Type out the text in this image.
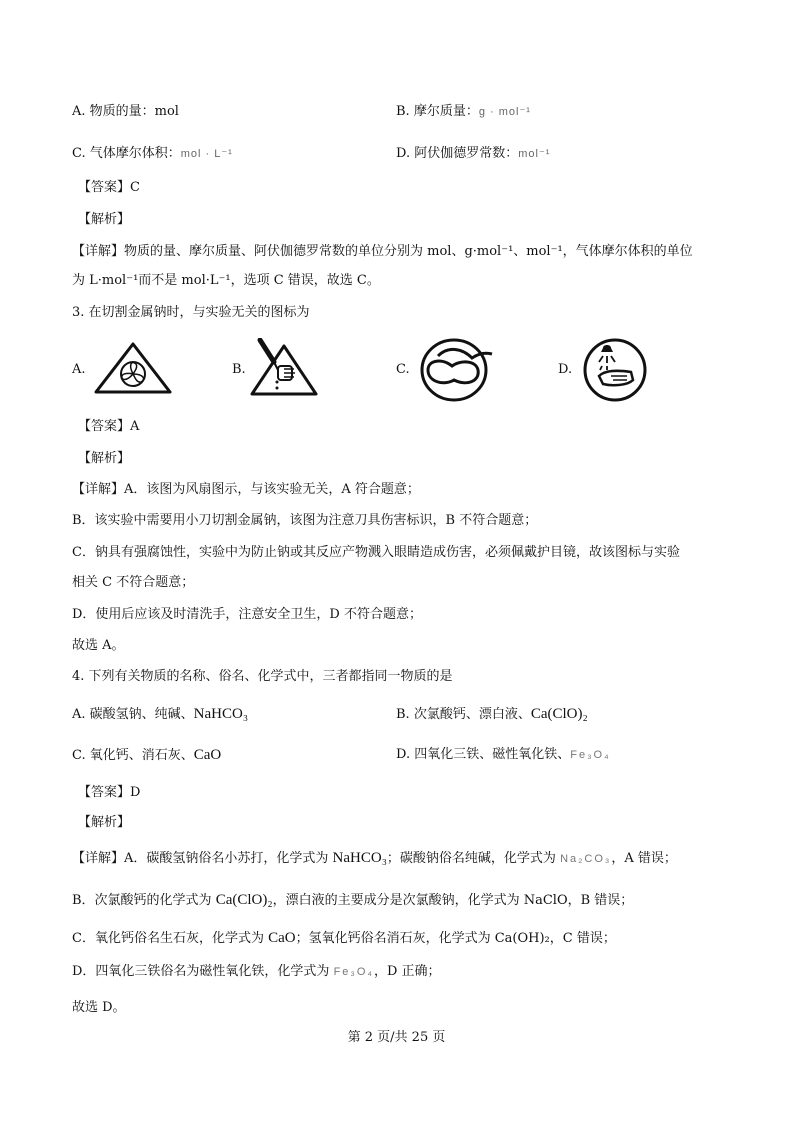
A. 物质的量：mol	B. 摩尔质量：g · mol⁻¹
C. 气体摩尔体积：mol · L⁻¹	D. 阿伏伽德罗常数：mol⁻¹
【答案】C
【解析】
【详解】物质的量、摩尔质量、阿伏伽德罗常数的单位分别为 mol、g·mol⁻¹、mol⁻¹，气体摩尔体积的单位
为 L·mol⁻¹而不是 mol·L⁻¹，选项 C 错误，故选 C。
3. 在切割金属钠时，与实验无关的图标为
A.	B.	C.	D.
【答案】A
【解析】
【详解】A．该图为风扇图示，与该实验无关，A 符合题意；
B．该实验中需要用小刀切割金属钠，该图为注意刀具伤害标识，B 不符合题意；
C．钠具有强腐蚀性，实验中为防止钠或其反应产物溅入眼睛造成伤害，必须佩戴护目镜，故该图标与实验
相关 C 不符合题意；
D．使用后应该及时清洗手，注意安全卫生，D 不符合题意；
故选 A。
4. 下列有关物质的名称、俗名、化学式中，三者都指同一物质的是
A. 碳酸氢钠、纯碱、NaHCO₃	B. 次氯酸钙、漂白液、Ca(ClO)₂
C. 氧化钙、消石灰、CaO	D. 四氧化三铁、磁性氧化铁、Fe₃O₄
【答案】D
【解析】
【详解】A．碳酸氢钠俗名小苏打，化学式为 NaHCO₃；碳酸钠俗名纯碱，化学式为 Na₂CO₃，A 错误；
B．次氯酸钙的化学式为 Ca(ClO)₂，漂白液的主要成分是次氯酸钠，化学式为 NaClO，B 错误；
C．氧化钙俗名生石灰，化学式为 CaO；氢氧化钙俗名消石灰，化学式为 Ca(OH)₂，C 错误；
D．四氧化三铁俗名为磁性氧化铁，化学式为 Fe₃O₄，D 正确；
故选 D。
第 2 页/共 25 页
